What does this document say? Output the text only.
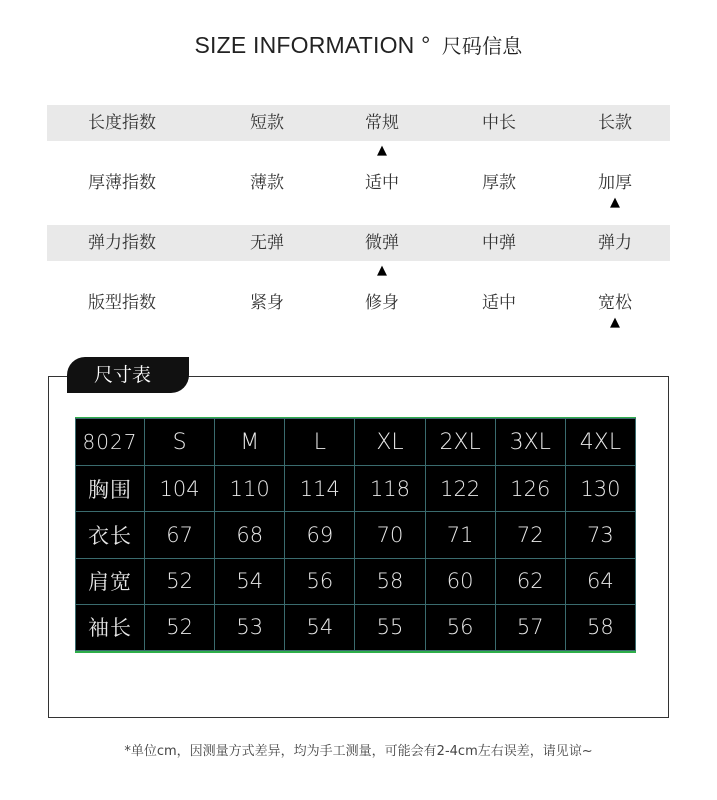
SIZE INFORMATION ° 尺码信息
长度指数	短款	常规	中长	长款
▲
厚薄指数	薄款	适中	厚款	加厚
▲
弹力指数	无弹	微弹	中弹	弹力
▲
版型指数	紧身	修身	适中	宽松
▲
尺寸表
8027	S	M	L	XL	2XL	3XL	4XL
胸围	104	110	114	118	122	126	130
衣长	67	68	69	70	71	72	73
肩宽	52	54	56	58	60	62	64
袖长	52	53	54	55	56	57	58
*单位cm，因测量方式差异，均为手工测量，可能会有2-4cm左右误差，请见谅~
